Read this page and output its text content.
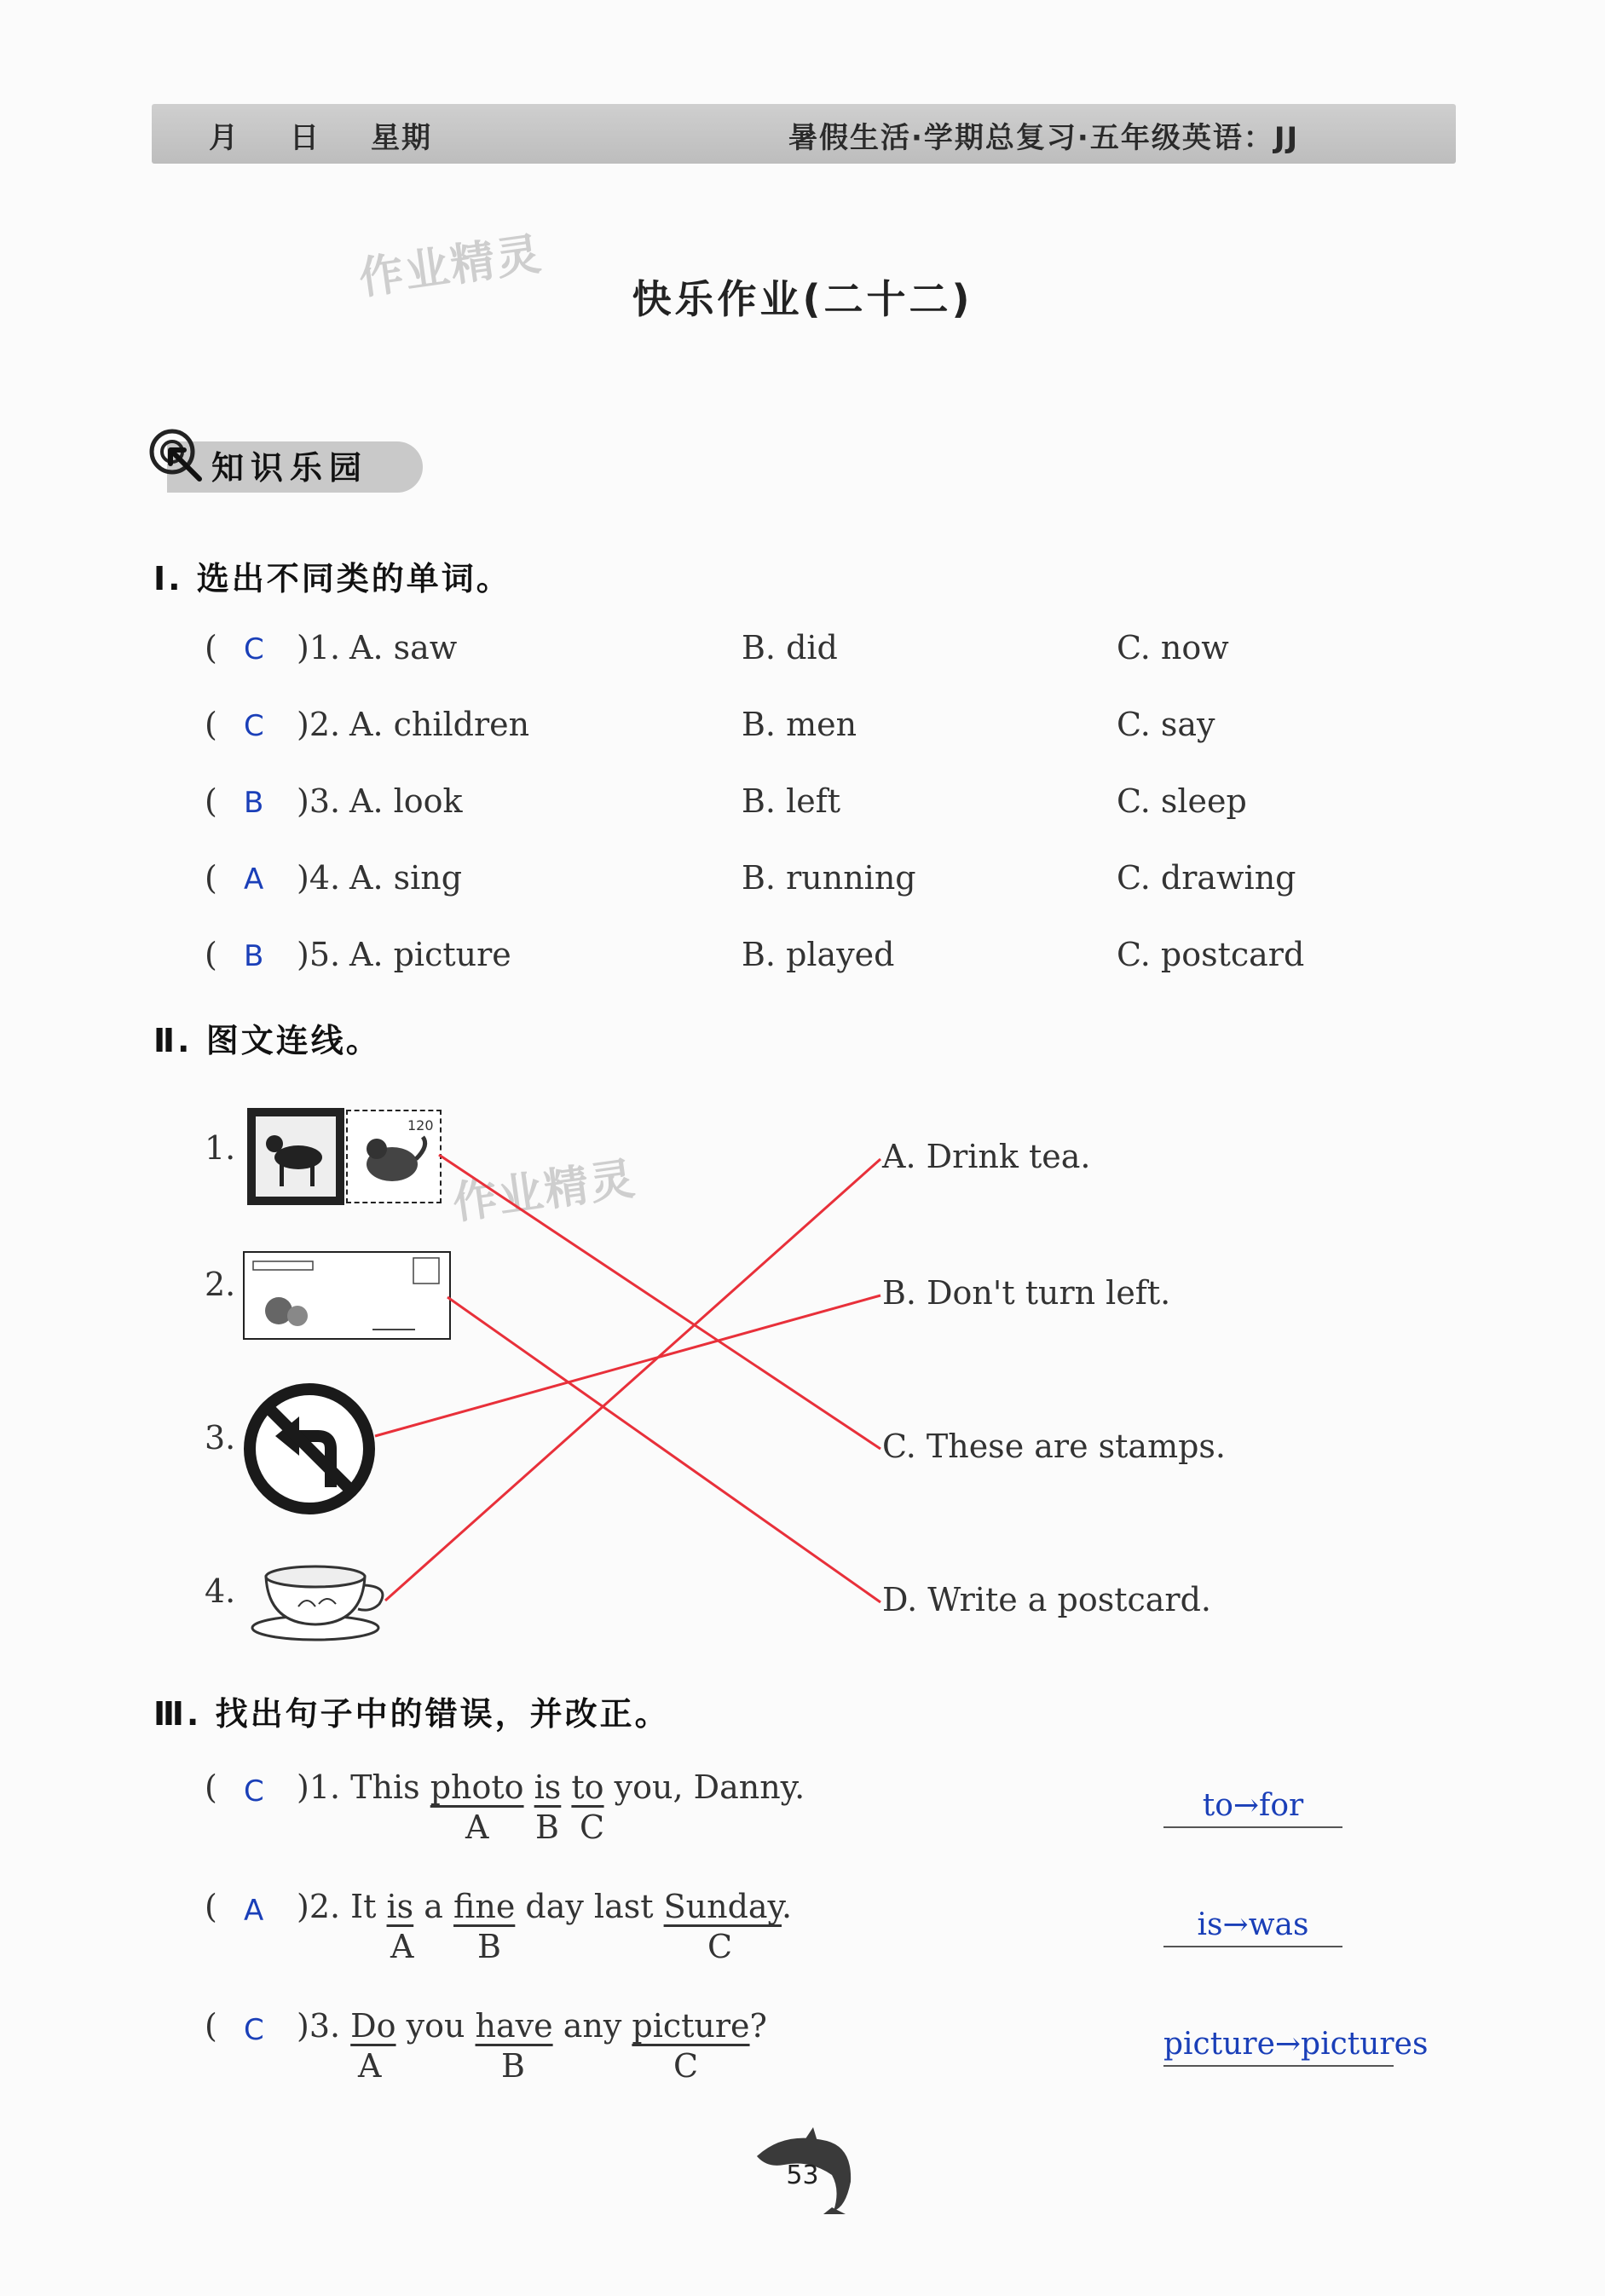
月 日 星期	暑假生活·学期总复习·五年级英语：JJ
作业精灵
作业精灵
快乐作业(二十二)
知识乐园
Ⅰ. 选出不同类的单词。
( C )1. A. saw	B. did	C. now
( C )2. A. children	B. men	C. say
( B )3. A. look	B. left	C. sleep
( A )4. A. sing	B. running	C. drawing
( B )5. A. picture	B. played	C. postcard
Ⅱ. 图文连线。
1.
2.
3.
4.
120
A. Drink tea.
B. Don't turn left.
C. These are stamps.
D. Write a postcard.
Ⅲ. 找出句子中的错误，并改正。
( C )1. This photo is to you, Danny.
A B C
to→for
( A )2. It is a fine day last Sunday.
A B	C
is→was
( C )3. Do you have any picture?
A	B	C
picture→pictures
53
